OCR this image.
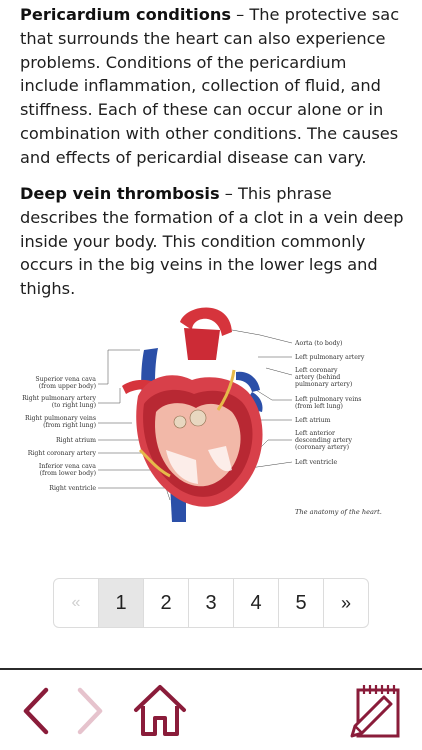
Pericardium conditions – The protective sac that surrounds the heart can also experience problems. Conditions of the pericardium include inflammation, collection of fluid, and stiffness. Each of these can occur alone or in combination with other conditions. The causes and effects of pericardial disease can vary.

Deep vein thrombosis – This phrase describes the formation of a clot in a vein deep inside your body. This condition commonly occurs in the big veins in the lower legs and thighs.

Superior vena cava (from upper body)
Right pulmonary artery (to right lung)
Right pulmonary veins (from right lung)
Right atrium
Right coronary artery
Inferior vena cava (from lower body)
Right ventricle
Aorta (to body)
Left pulmonary artery
Left coronary artery (behind pulmonary artery)
Left pulmonary veins (from left lung)
Left atrium
Left anterior descending artery (coronary artery)
Left ventricle
The anatomy of the heart.
«	1	2	3	4	5	»
